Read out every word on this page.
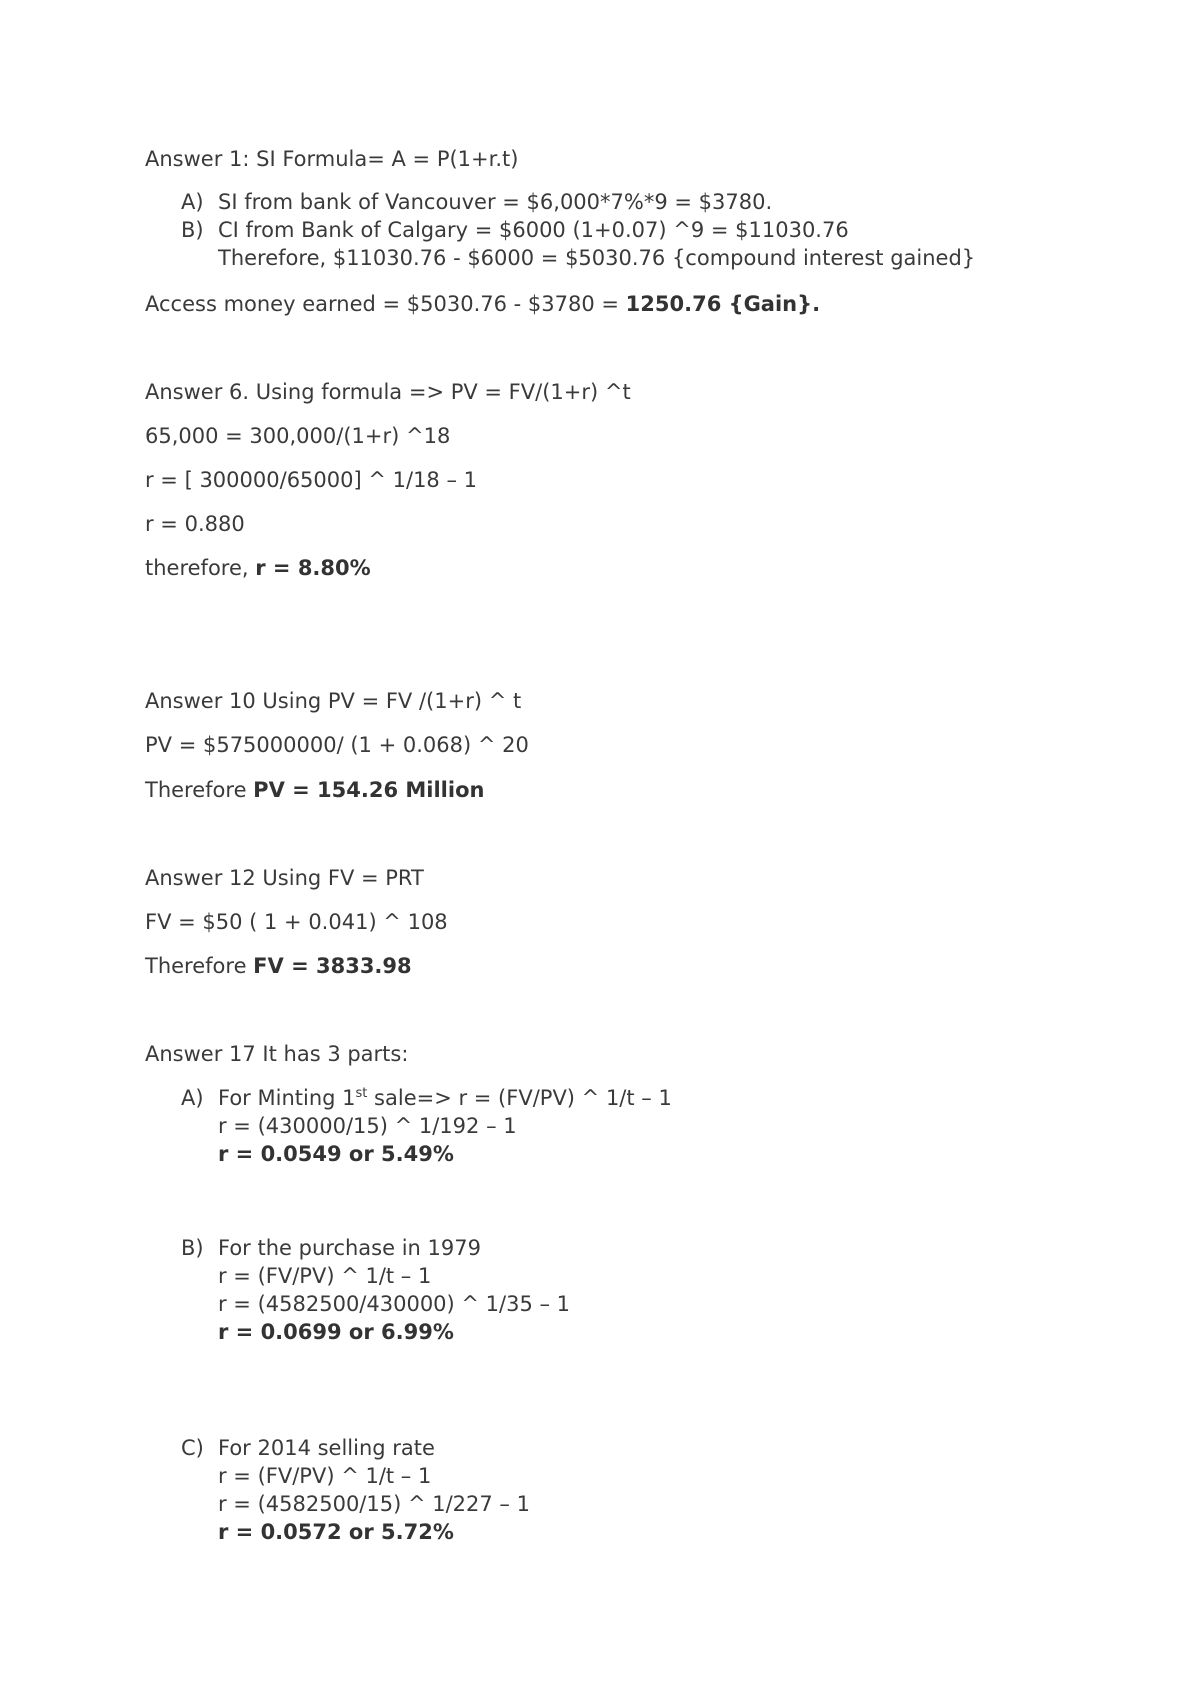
Answer 1: SI Formula= A = P(1+r.t)
A) SI from bank of Vancouver = $6,000*7%*9 = $3780.
B) CI from Bank of Calgary = $6000 (1+0.07) ^9 = $11030.76
Therefore, $11030.76 - $6000 = $5030.76 {compound interest gained}
Access money earned = $5030.76 - $3780 = 1250.76 {Gain}.
Answer 6. Using formula => PV = FV/(1+r) ^t
65,000 = 300,000/(1+r) ^18
r = [ 300000/65000] ^ 1/18 – 1
r = 0.880
therefore, r = 8.80%
Answer 10 Using PV = FV /(1+r) ^ t
PV = $575000000/ (1 + 0.068) ^ 20
Therefore PV = 154.26 Million
Answer 12 Using FV = PRT
FV = $50 ( 1 + 0.041) ^ 108
Therefore FV = 3833.98
Answer 17 It has 3 parts:
A) For Minting 1st sale=> r = (FV/PV) ^ 1/t – 1
r = (430000/15) ^ 1/192 – 1
r = 0.0549 or 5.49%
B) For the purchase in 1979
r = (FV/PV) ^ 1/t – 1
r = (4582500/430000) ^ 1/35 – 1
r = 0.0699 or 6.99%
C) For 2014 selling rate
r = (FV/PV) ^ 1/t – 1
r = (4582500/15) ^ 1/227 – 1
r = 0.0572 or 5.72%
